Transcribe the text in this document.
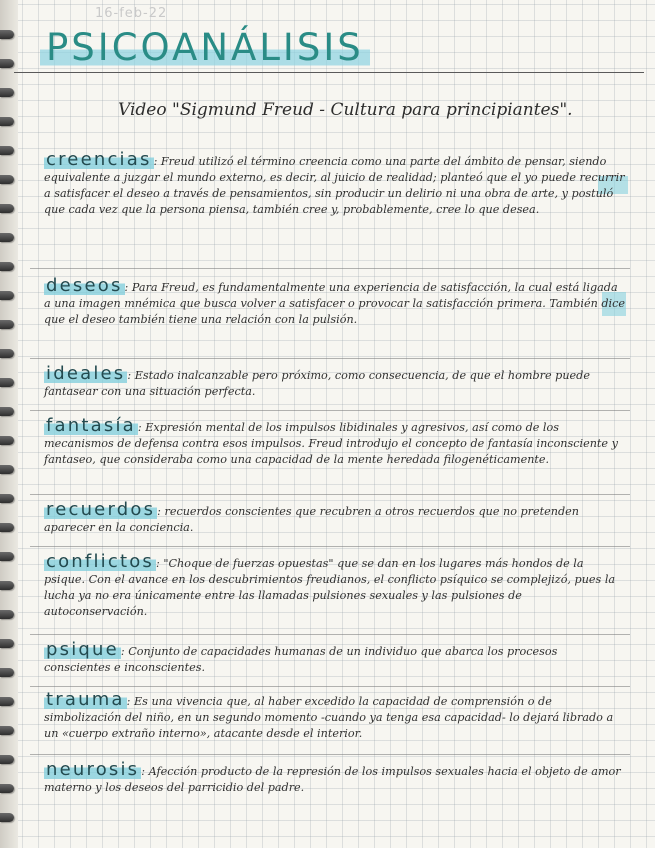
16-feb-22
PSICOANÁLISIS
Video "Sigmund Freud - Cultura para principiantes".
creencias : Freud utilizó el término creencia como una parte del ámbito de pensar, siendo equivalente a juzgar el mundo externo, es decir, al juicio de realidad; planteó que el yo puede recurrir a satisfacer el deseo a través de pensamientos, sin producir un delirio ni una obra de arte, y postuló que cada vez que la persona piensa, también cree y, probablemente, cree lo que desea.
deseos : Para Freud, es fundamentalmente una experiencia de satisfacción, la cual está ligada a una imagen mnémica que busca volver a satisfacer o provocar la satisfacción primera. También dice que el deseo también tiene una relación con la pulsión.
ideales : Estado inalcanzable pero próximo, como consecuencia, de que el hombre puede fantasear con una situación perfecta.
fantasía : Expresión mental de los impulsos libidinales y agresivos, así como de los mecanismos de defensa contra esos impulsos. Freud introdujo el concepto de fantasía inconsciente y fantaseo, que consideraba como una capacidad de la mente heredada filogenéticamente.
recuerdos : recuerdos conscientes que recubren a otros recuerdos que no pretenden aparecer en la conciencia.
conflictos : "Choque de fuerzas opuestas" que se dan en los lugares más hondos de la psique. Con el avance en los descubrimientos freudianos, el conflicto psíquico se complejizó, pues la lucha ya no era únicamente entre las llamadas pulsiones sexuales y las pulsiones de autoconservación.
psique : Conjunto de capacidades humanas de un individuo que abarca los procesos conscientes e inconscientes.
trauma : Es una vivencia que, al haber excedido la capacidad de comprensión o de simbolización del niño, en un segundo momento -cuando ya tenga esa capacidad- lo dejará librado a un «cuerpo extraño interno», atacante desde el interior.
neurosis : Afección producto de la represión de los impulsos sexuales hacia el objeto de amor materno y los deseos del parricidio del padre.
